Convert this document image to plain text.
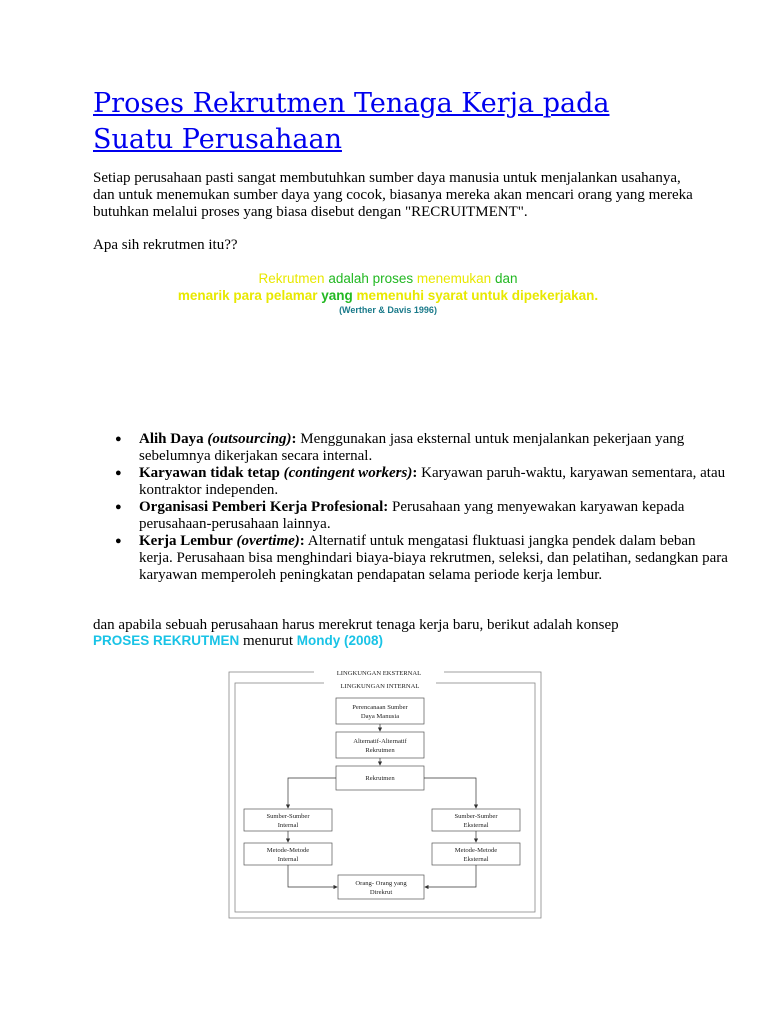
Proses Rekrutmen Tenaga Kerja pada Suatu Perusahaan

Setiap perusahaan pasti sangat membutuhkan sumber daya manusia untuk menjalankan usahanya, dan untuk menemukan sumber daya yang cocok, biasanya mereka akan mencari orang yang mereka butuhkan melalui proses yang biasa disebut dengan "RECRUITMENT".

Apa sih rekrutmen itu??

Rekrutmen adalah proses menemukan dan
menarik para pelamar yang memenuhi syarat untuk dipekerjakan.
(Werther & Davis 1996)
● Alih Daya (outsourcing): Menggunakan jasa eksternal untuk menjalankan pekerjaan yang sebelumnya dikerjakan secara internal.
● Karyawan tidak tetap (contingent workers): Karyawan paruh-waktu, karyawan sementara, atau kontraktor independen.
● Organisasi Pemberi Kerja Profesional: Perusahaan yang menyewakan karyawan kepada perusahaan-perusahaan lainnya.
● Kerja Lembur (overtime): Alternatif untuk mengatasi fluktuasi jangka pendek dalam beban kerja. Perusahaan bisa menghindari biaya-biaya rekrutmen, seleksi, dan pelatihan, sedangkan para karyawan memperoleh peningkatan pendapatan selama periode kerja lembur.

dan apabila sebuah perusahaan harus merekrut tenaga kerja baru, berikut adalah konsep

PROSES REKRUTMEN menurut Mondy (2008)
LINGKUNGAN EKSTERNAL
LINGKUNGAN INTERNAL
Perencanaan Sumber
Daya Manusia
Alternatif-Alternatif
Rekrutmen
Rekrutmen
Sumber-Sumber
Internal
Sumber-Sumber
Eksternal
Metode-Metode
Internal
Metode-Metode
Eksternal
Orang- Orang yang
Direkrut
